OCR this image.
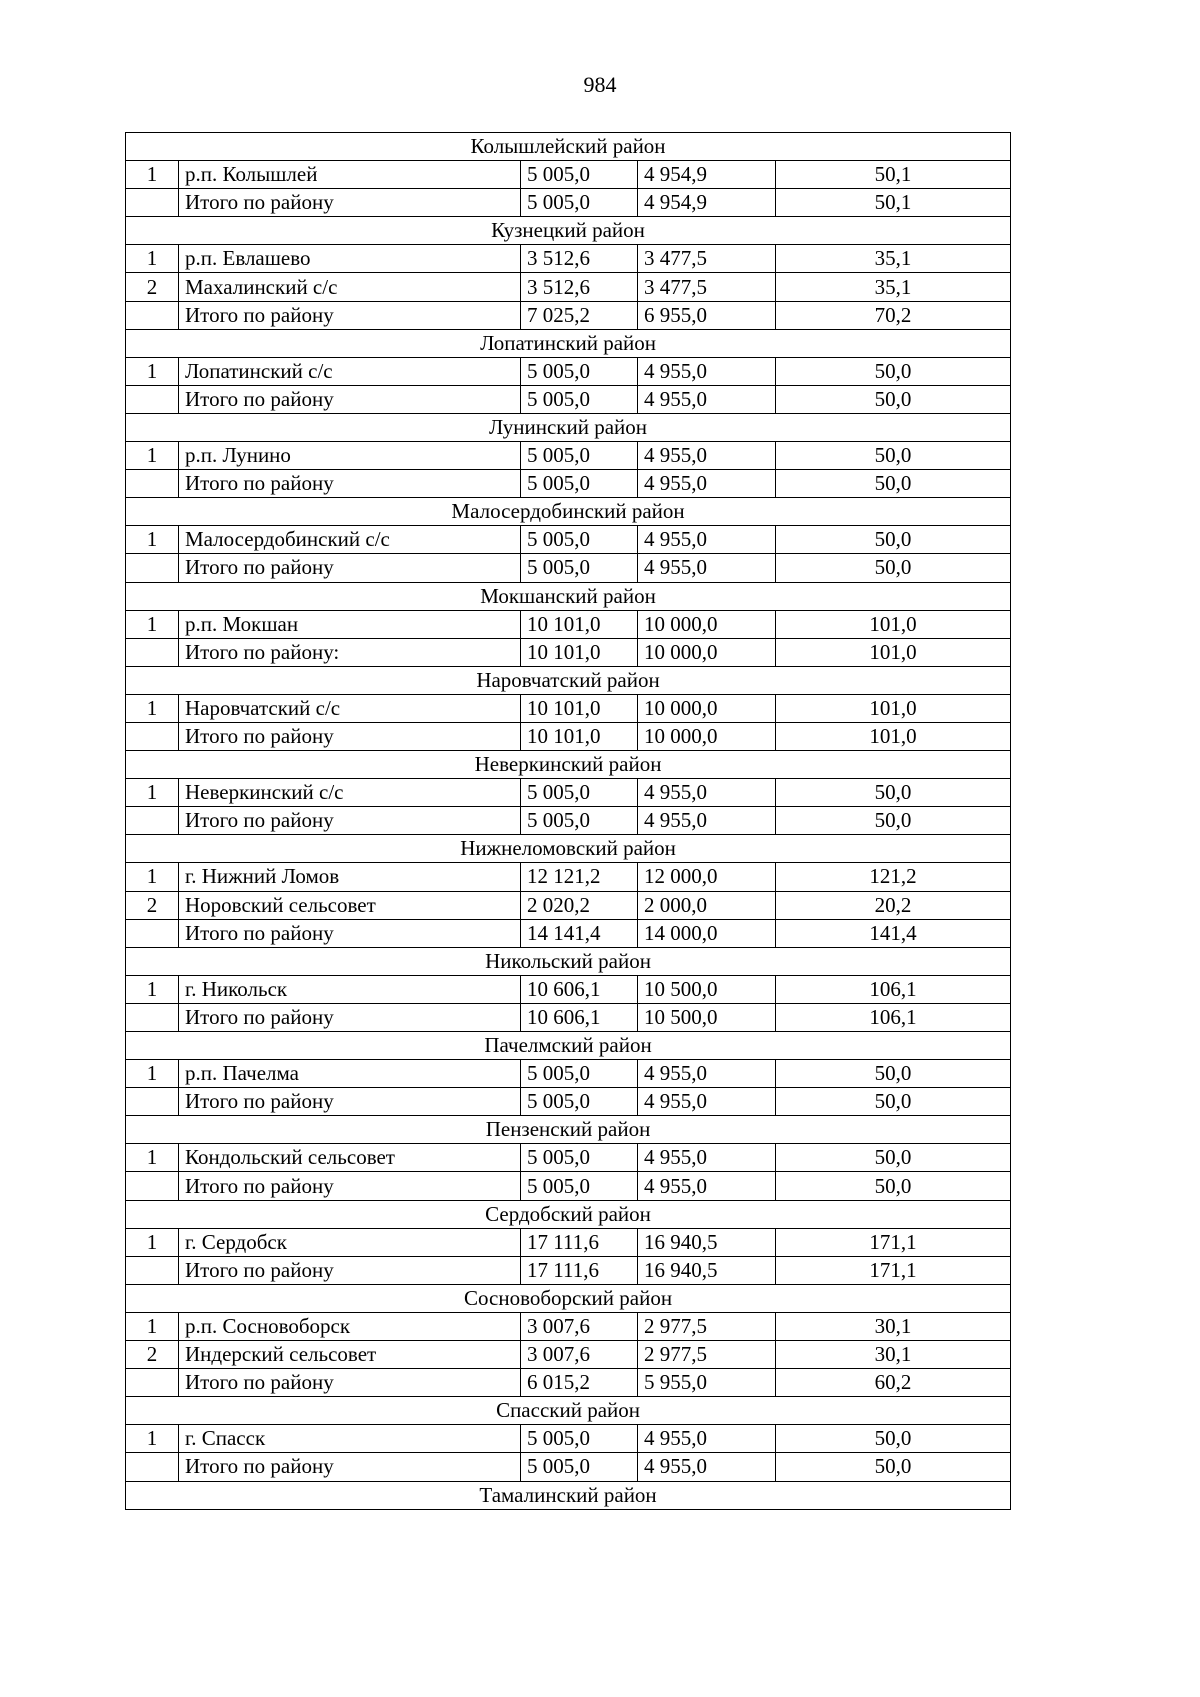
984
Колышлейский район				
1	р.п. Колышлей	5 005,0	4 954,9	50,1
	Итого по району	5 005,0	4 954,9	50,1
Кузнецкий район				
1	р.п. Евлашево	3 512,6	3 477,5	35,1
2	Махалинский с/с	3 512,6	3 477,5	35,1
	Итого по району	7 025,2	6 955,0	70,2
Лопатинский район				
1	Лопатинский с/с	5 005,0	4 955,0	50,0
	Итого по району	5 005,0	4 955,0	50,0
Лунинский район				
1	р.п. Лунино	5 005,0	4 955,0	50,0
	Итого по району	5 005,0	4 955,0	50,0
Малосердобинский район				
1	Малосердобинский с/с	5 005,0	4 955,0	50,0
	Итого по району	5 005,0	4 955,0	50,0
Мокшанский район				
1	р.п. Мокшан	10 101,0	10 000,0	101,0
	Итого по району:	10 101,0	10 000,0	101,0
Наровчатский район				
1	Наровчатский с/с	10 101,0	10 000,0	101,0
	Итого по району	10 101,0	10 000,0	101,0
Неверкинский район				
1	Неверкинский с/с	5 005,0	4 955,0	50,0
	Итого по району	5 005,0	4 955,0	50,0
Нижнеломовский район				
1	г. Нижний Ломов	12 121,2	12 000,0	121,2
2	Норовский сельсовет	2 020,2	2 000,0	20,2
	Итого по району	14 141,4	14 000,0	141,4
Никольский район				
1	г. Никольск	10 606,1	10 500,0	106,1
	Итого по району	10 606,1	10 500,0	106,1
Пачелмский район				
1	р.п. Пачелма	5 005,0	4 955,0	50,0
	Итого по району	5 005,0	4 955,0	50,0
Пензенский район				
1	Кондольский сельсовет	5 005,0	4 955,0	50,0
	Итого по району	5 005,0	4 955,0	50,0
Сердобский район				
1	г. Сердобск	17 111,6	16 940,5	171,1
	Итого по району	17 111,6	16 940,5	171,1
Сосновоборский район				
1	р.п. Сосновоборск	3 007,6	2 977,5	30,1
2	Индерский сельсовет	3 007,6	2 977,5	30,1
	Итого по району	6 015,2	5 955,0	60,2
Спасский район				
1	г. Спасск	5 005,0	4 955,0	50,0
	Итого по району	5 005,0	4 955,0	50,0
Тамалинский район				
